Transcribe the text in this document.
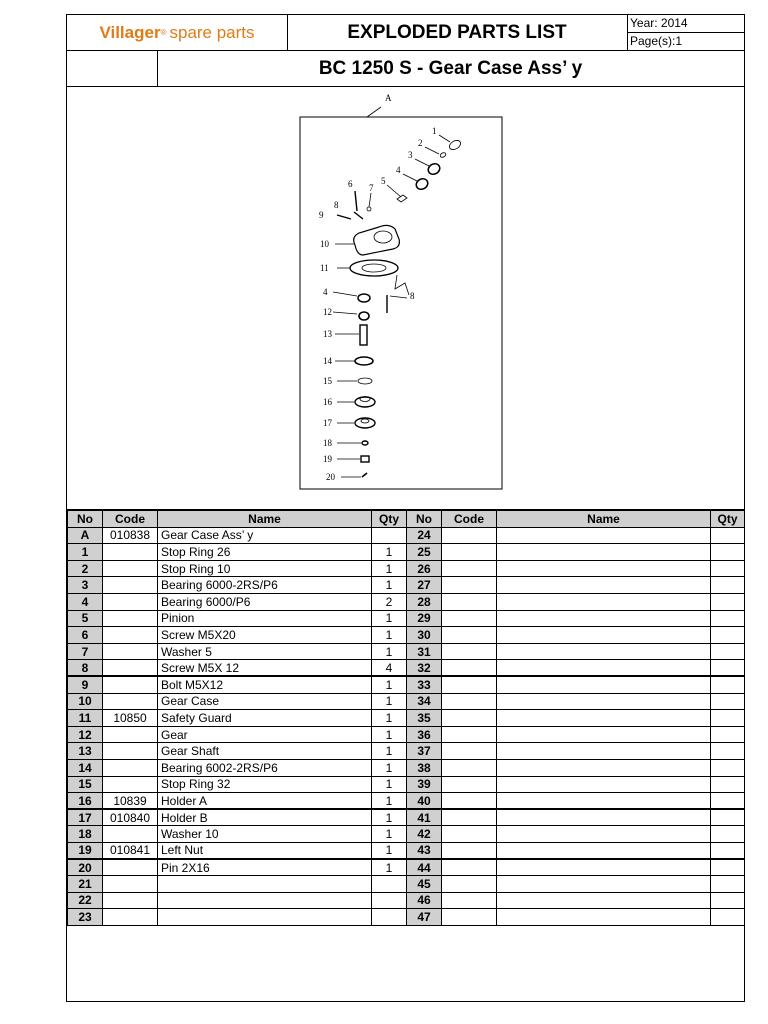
Villager ® spare parts	EXPLODED PARTS LIST	Year: 2014
Page(s):1
BC 1250 S - Gear Case Ass’ y
A
1
2
3
4
5
6 7
8
9
10
11
4	8
12
13
14
15
16
17
18
19
20
No	Code	Name	Qty	No	Code	Name	Qty
A	010838	Gear Case Ass’ y		24			
1		Stop Ring 26	1	25			
2		Stop Ring 10	1	26			
3		Bearing 6000-2RS/P6	1	27			
4		Bearing 6000/P6	2	28			
5		Pinion	1	29			
6		Screw M5X20	1	30			
7		Washer 5	1	31			
8		Screw M5X 12	4	32			
9		Bolt M5X12	1	33			
10		Gear Case	1	34			
11	10850	Safety Guard	1	35			
12		Gear	1	36			
13		Gear Shaft	1	37			
14		Bearing 6002-2RS/P6	1	38			
15		Stop Ring 32	1	39			
16	10839	Holder A	1	40			
17	010840	Holder B	1	41			
18		Washer 10	1	42			
19	010841	Left Nut	1	43			
20		Pin 2X16	1	44			
21				45			
22				46			
23				47			
